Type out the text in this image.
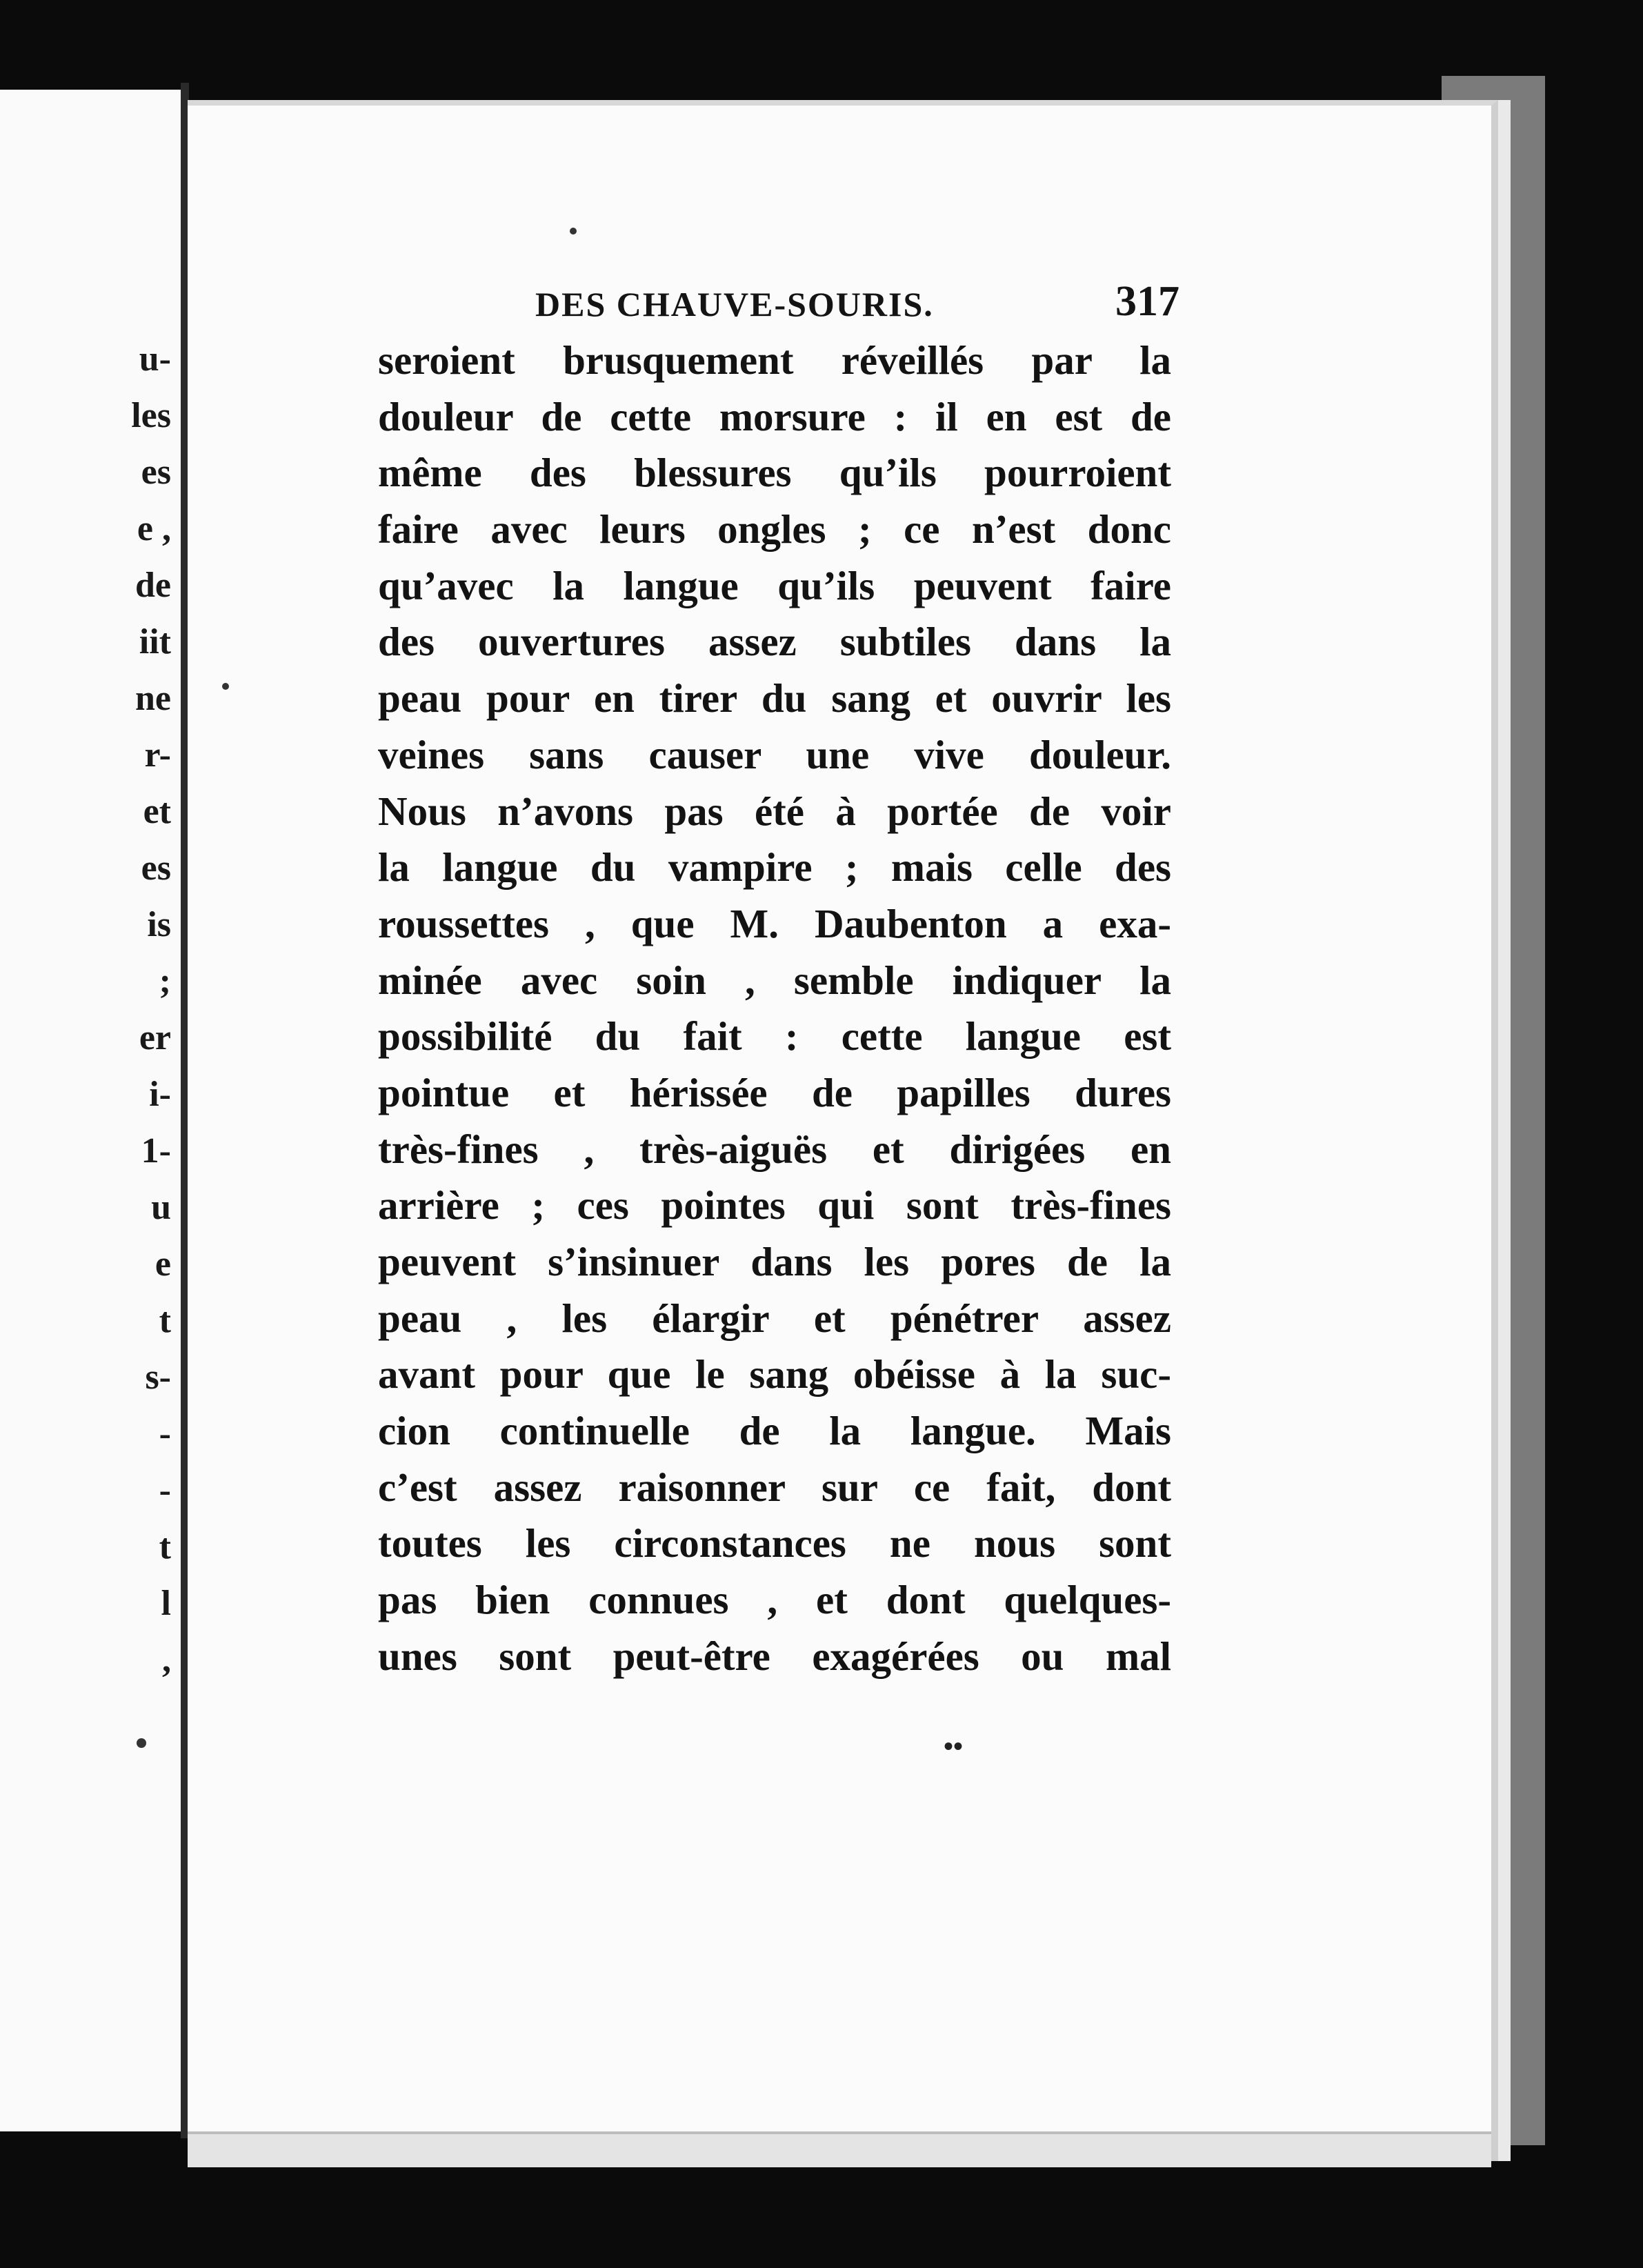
u-
les
es
e ,
de
iit
ne
r-
et
es
is
;
er
i-
1-
u
e
t
s-
-
-
t
l
,
DES CHAUVE-SOURIS.	317
seroient brusquement réveillés par la
douleur de cette morsure : il en est de
même des blessures qu’ils pourroient
faire avec leurs ongles ; ce n’est donc
qu’avec la langue qu’ils peuvent faire
des ouvertures assez subtiles dans la
peau pour en tirer du sang et ouvrir les
veines sans causer une vive douleur.
Nous n’avons pas été à portée de voir
la langue du vampire ; mais celle des
roussettes , que M. Daubenton a exa-
minée avec soin , semble indiquer la
possibilité du fait : cette langue est
pointue et hérissée de papilles dures
très-fines , très-aiguës et dirigées en
arrière ; ces pointes qui sont très-fines
peuvent s’insinuer dans les pores de la
peau , les élargir et pénétrer assez
avant pour que le sang obéisse à la suc-
cion continuelle de la langue. Mais
c’est assez raisonner sur ce fait, dont
toutes les circonstances ne nous sont
pas bien connues , et dont quelques-
unes sont peut-être exagérées ou mal
••
